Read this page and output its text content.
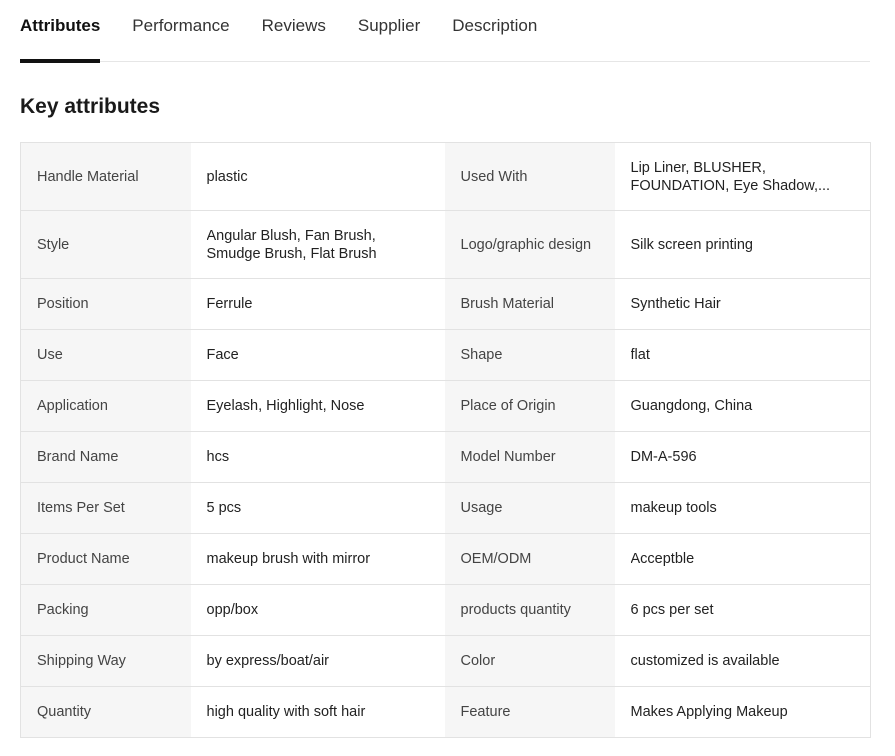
Attributes Performance Reviews Supplier Description
Key attributes
Handle Material	plastic	Used With	Lip Liner, BLUSHER, FOUNDATION, Eye Shadow,...

Style	Angular Blush, Fan Brush, Smudge Brush, Flat Brush	Logo/graphic design	Silk screen printing

Position	Ferrule	Brush Material	Synthetic Hair

Use	Face	Shape	flat

Application	Eyelash, Highlight, Nose	Place of Origin	Guangdong, China

Brand Name	hcs	Model Number	DM-A-596

Items Per Set	5 pcs	Usage	makeup tools

Product Name	makeup brush with mirror	OEM/ODM	Acceptble

Packing	opp/box	products quantity	6 pcs per set

Shipping Way	by express/boat/air	Color	customized is available

Quantity	high quality with soft hair	Feature	Makes Applying Makeup
